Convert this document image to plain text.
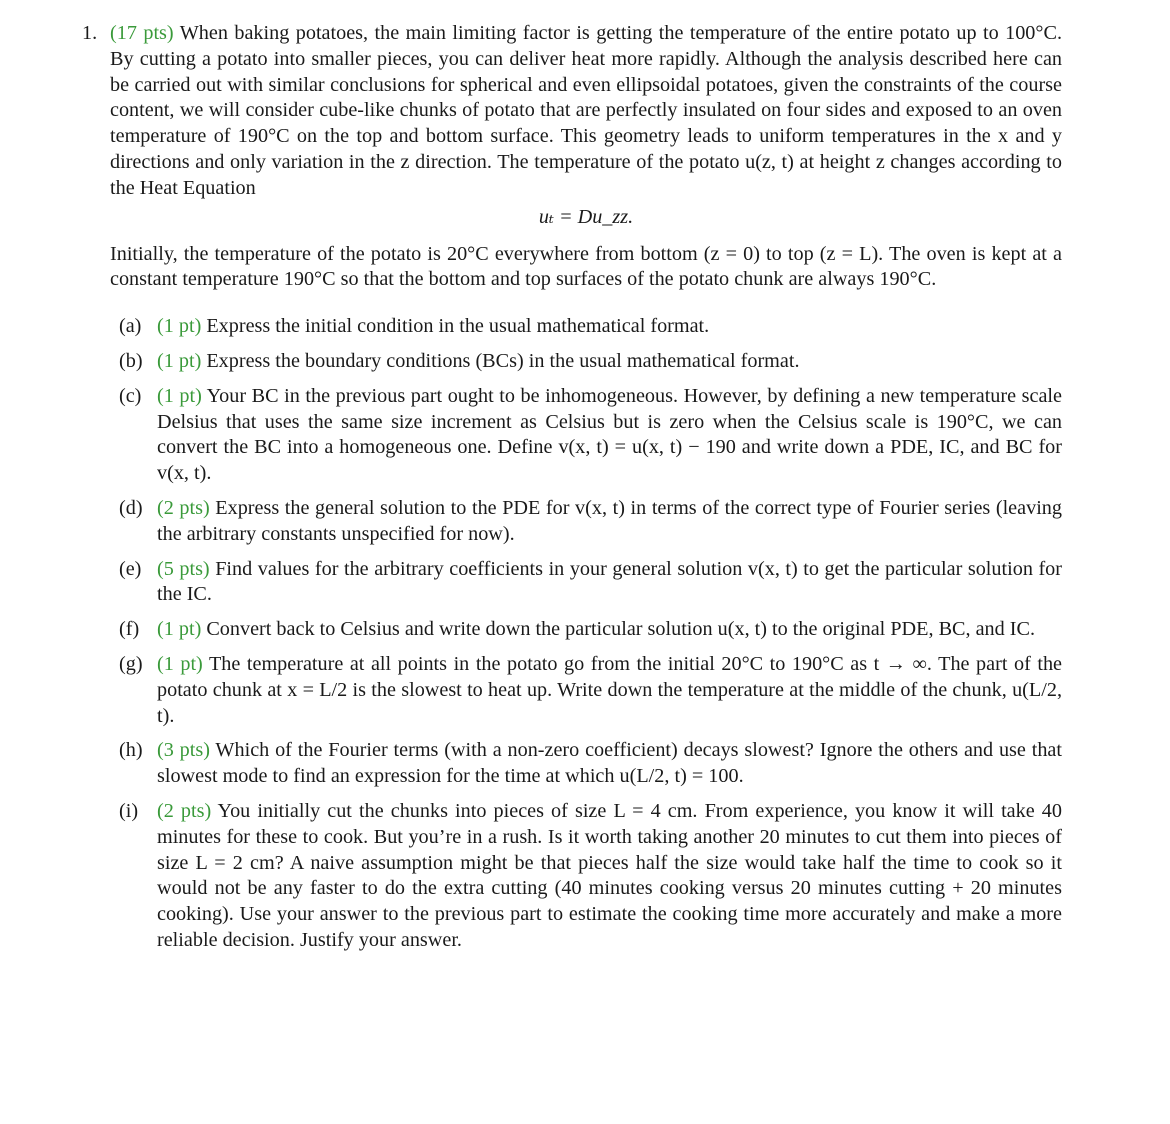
1. (17 pts) When baking potatoes, the main limiting factor is getting the temperature of the entire potato up to 100°C. By cutting a potato into smaller pieces, you can deliver heat more rapidly. Although the analysis described here can be carried out with similar conclusions for spherical and even ellipsoidal potatoes, given the constraints of the course content, we will consider cube-like chunks of potato that are perfectly insulated on four sides and exposed to an oven temperature of 190°C on the top and bottom surface. This geometry leads to uniform temperatures in the x and y directions and only variation in the z direction. The temperature of the potato u(z, t) at height z changes according to the Heat Equation
uₜ = Du_zz.
Initially, the temperature of the potato is 20°C everywhere from bottom (z = 0) to top (z = L). The oven is kept at a constant temperature 190°C so that the bottom and top surfaces of the potato chunk are always 190°C.
(a) (1 pt) Express the initial condition in the usual mathematical format.
(b) (1 pt) Express the boundary conditions (BCs) in the usual mathematical format.
(c) (1 pt) Your BC in the previous part ought to be inhomogeneous. However, by defining a new temperature scale Delsius that uses the same size increment as Celsius but is zero when the Celsius scale is 190°C, we can convert the BC into a homogeneous one. Define v(x, t) = u(x, t) − 190 and write down a PDE, IC, and BC for v(x, t).
(d) (2 pts) Express the general solution to the PDE for v(x, t) in terms of the correct type of Fourier series (leaving the arbitrary constants unspecified for now).
(e) (5 pts) Find values for the arbitrary coefficients in your general solution v(x, t) to get the particular solution for the IC.
(f) (1 pt) Convert back to Celsius and write down the particular solution u(x, t) to the original PDE, BC, and IC.
(g) (1 pt) The temperature at all points in the potato go from the initial 20°C to 190°C as t → ∞. The part of the potato chunk at x = L/2 is the slowest to heat up. Write down the temperature at the middle of the chunk, u(L/2, t).
(h) (3 pts) Which of the Fourier terms (with a non-zero coefficient) decays slowest? Ignore the others and use that slowest mode to find an expression for the time at which u(L/2, t) = 100.
(i) (2 pts) You initially cut the chunks into pieces of size L = 4 cm. From experience, you know it will take 40 minutes for these to cook. But you’re in a rush. Is it worth taking another 20 minutes to cut them into pieces of size L = 2 cm? A naive assumption might be that pieces half the size would take half the time to cook so it would not be any faster to do the extra cutting (40 minutes cooking versus 20 minutes cutting + 20 minutes cooking). Use your answer to the previous part to estimate the cooking time more accurately and make a more reliable decision. Justify your answer.
